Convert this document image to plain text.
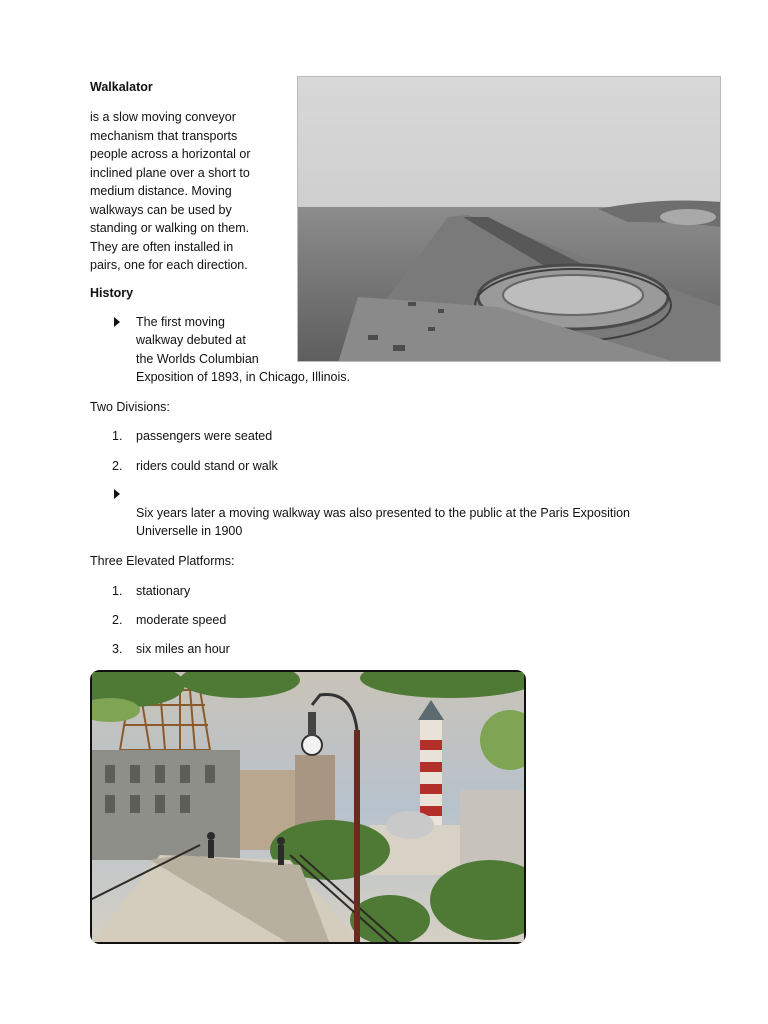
Walkalator
is a slow moving conveyor
mechanism that transports
people across a horizontal or
inclined plane over a short to
medium distance. Moving
walkways can be used by
standing or walking on them.
They are often installed in
pairs, one for each direction.
History
The first moving
walkway debuted at
the Worlds Columbian
Exposition of 1893, in Chicago, Illinois.
Two Divisions:
1. passengers were seated
2. riders could stand or walk
Six years later a moving walkway was also presented to the public at the Paris Exposition
Universelle in 1900
Three Elevated Platforms:
1. stationary
2. moderate speed
3. six miles an hour
